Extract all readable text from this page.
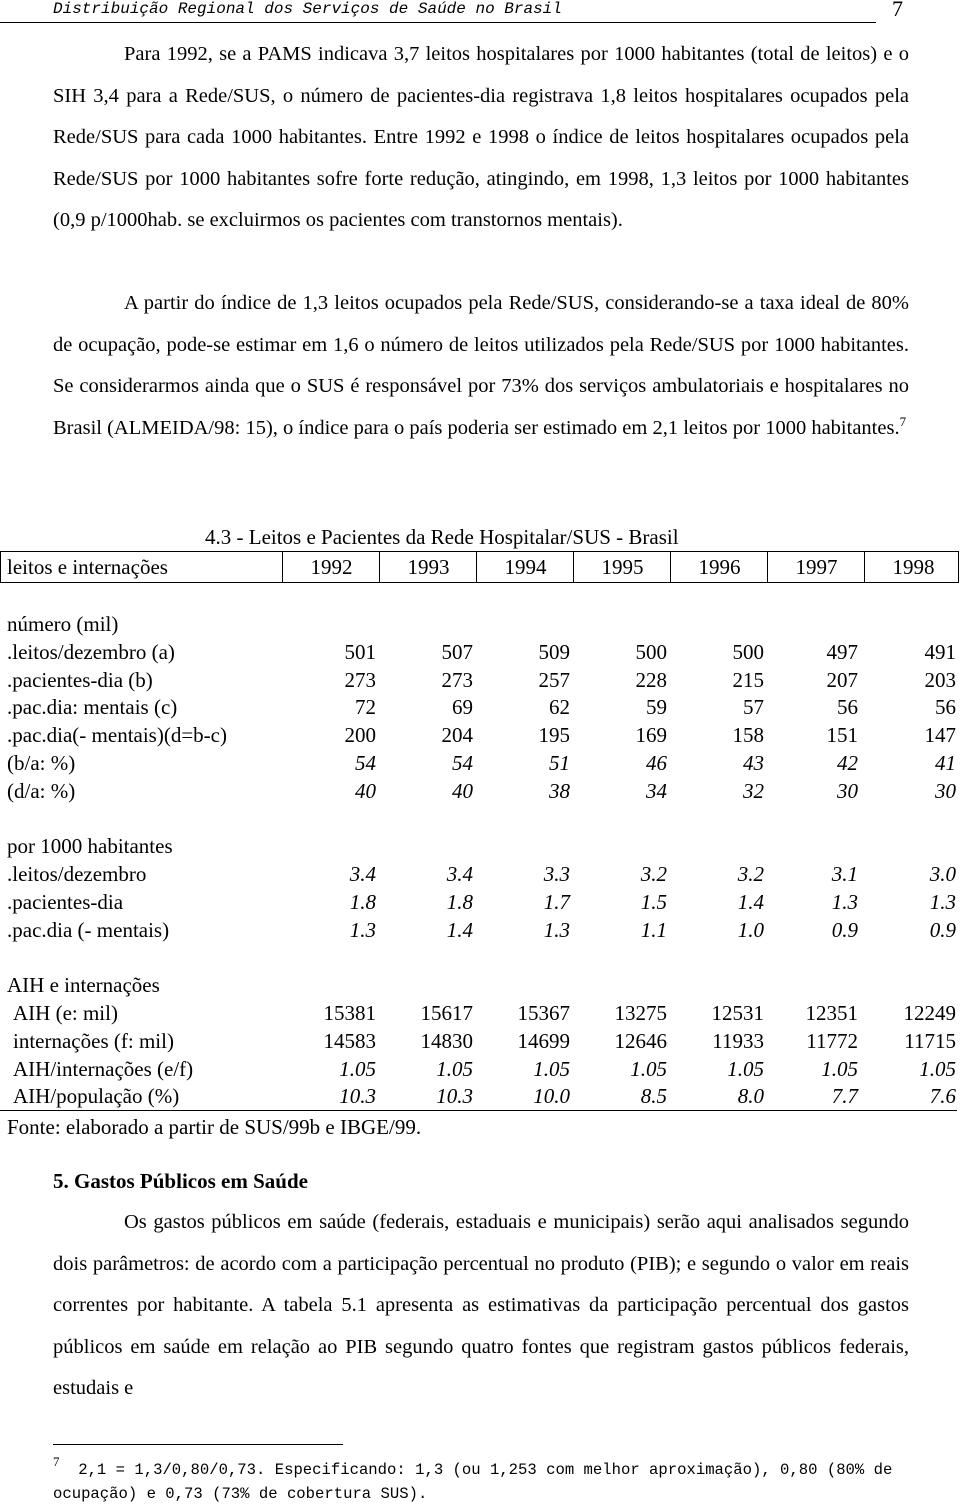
Distribuição Regional dos Serviços de Saúde no Brasil	7

Para 1992, se a PAMS indicava 3,7 leitos hospitalares por 1000 habitantes (total de leitos) e o SIH 3,4 para a Rede/SUS, o número de pacientes-dia registrava 1,8 leitos hospitalares ocupados pela Rede/SUS para cada 1000 habitantes. Entre 1992 e 1998 o índice de leitos hospitalares ocupados pela Rede/SUS por 1000 habitantes sofre forte redução, atingindo, em 1998, 1,3 leitos por 1000 habitantes (0,9 p/1000hab. se excluirmos os pacientes com transtornos mentais).

A partir do índice de 1,3 leitos ocupados pela Rede/SUS, considerando-se a taxa ideal de 80% de ocupação, pode-se estimar em 1,6 o número de leitos utilizados pela Rede/SUS por 1000 habitantes. Se considerarmos ainda que o SUS é responsável por 73% dos serviços ambulatoriais e hospitalares no Brasil (ALMEIDA/98: 15), o índice para o país poderia ser estimado em 2,1 leitos por 1000 habitantes.$^7$

4.3 - Leitos e Pacientes da Rede Hospitalar/SUS - Brasil
leitos e internações	1992	1993	1994	1995	1996	1997	1998
número (mil)
.leitos/dezembro (a)	501	507	509	500	500	497	491
.pacientes-dia (b)	273	273	257	228	215	207	203
.pac.dia: mentais (c)	72	69	62	59	57	56	56
.pac.dia(- mentais)(d=b-c)	200	204	195	169	158	151	147
(b/a: %)	54	54	51	46	43	42	41
(d/a: %)	40	40	38	34	32	30	30
por 1000 habitantes
.leitos/dezembro	3.4	3.4	3.3	3.2	3.2	3.1	3.0
.pacientes-dia	1.8	1.8	1.7	1.5	1.4	1.3	1.3
.pac.dia (- mentais)	1.3	1.4	1.3	1.1	1.0	0.9	0.9
AIH e internações
AIH (e: mil)	15381	15617	15367	13275	12531	12351	12249
internações (f: mil)	14583	14830	14699	12646	11933	11772	11715
AIH/internações (e/f)	1.05	1.05	1.05	1.05	1.05	1.05	1.05
AIH/população (%)	10.3	10.3	10.0	8.5	8.0	7.7	7.6
Fonte: elaborado a partir de SUS/99b e IBGE/99.
5. Gastos Públicos em Saúde

Os gastos públicos em saúde (federais, estaduais e municipais) serão aqui analisados segundo dois parâmetros: de acordo com a participação percentual no produto (PIB); e segundo o valor em reais correntes por habitante. A tabela 5.1 apresenta as estimativas da participação percentual dos gastos públicos em saúde em relação ao PIB segundo quatro fontes que registram gastos públicos federais, estudais e

$^7$ 2,1 = 1,3/0,80/0,73. Especificando: 1,3 (ou 1,253 com melhor aproximação), 0,80 (80% de ocupação) e 0,73 (73% de cobertura SUS).
